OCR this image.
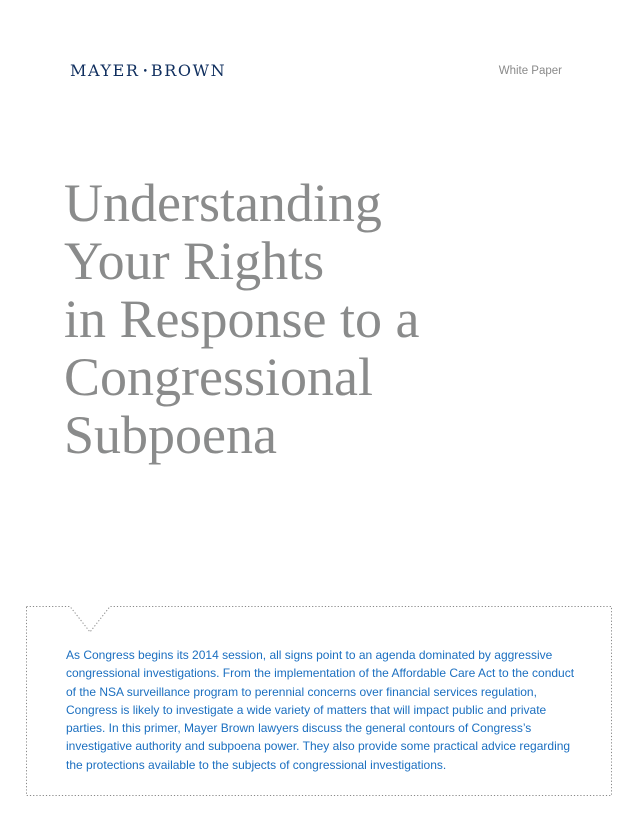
MAYER • BROWN	White Paper
Understanding
Your Rights
in Response to a
Congressional
Subpoena

As Congress begins its 2014 session, all signs point to an agenda dominated by aggressive congressional investigations. From the implementation of the Affordable Care Act to the conduct of the NSA surveillance program to perennial concerns over financial services regulation, Congress is likely to investigate a wide variety of matters that will impact public and private parties. In this primer, Mayer Brown lawyers discuss the general contours of Congress’s investigative authority and subpoena power. They also provide some practical advice regarding the protections available to the subjects of congressional investigations.
